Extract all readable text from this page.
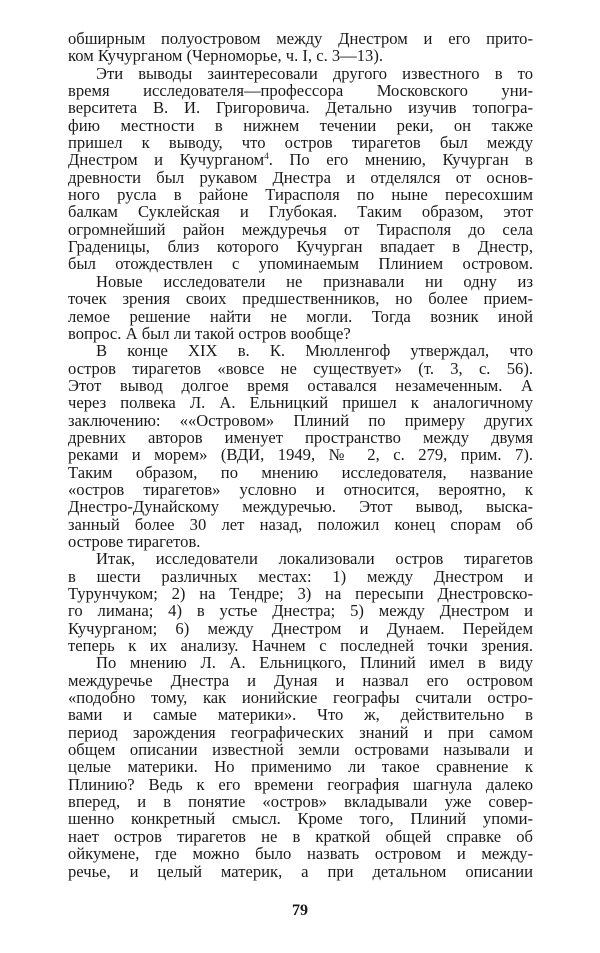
обширным полуостровом между Днестром и его прито-
ком Кучурганом (Черноморье, ч. I, с. 3—13).
Эти выводы заинтересовали другого известного в то
время исследователя—профессора Московского уни-
верситета В. И. Григоровича. Детально изучив топогра-
фию местности в нижнем течении реки, он также
пришел к выводу, что остров тирагетов был между
Днестром и Кучурганом$^4$. По его мнению, Кучурган в
древности был рукавом Днестра и отделялся от основ-
ного русла в районе Тирасполя по ныне пересохшим
балкам Суклейская и Глубокая. Таким образом, этот
огромнейший район междуречья от Тирасполя до села
Граденицы, близ которого Кучурган впадает в Днестр,
был отождествлен с упоминаемым Плинием островом.
Новые исследователи не признавали ни одну из
точек зрения своих предшественников, но более прием-
лемое решение найти не могли. Тогда возник иной
вопрос. А был ли такой остров вообще?
В конце XIX в. К. Мюлленгоф утверждал, что
остров тирагетов «вовсе не существует» (т. 3, с. 56).
Этот вывод долгое время оставался незамеченным. А
через полвека Л. А. Ельницкий пришел к аналогичному
заключению: ««Островом» Плиний по примеру других
древних авторов именует пространство между двумя
реками и морем» (ВДИ, 1949, № 2, с. 279, прим. 7).
Таким образом, по мнению исследователя, название
«остров тирагетов» условно и относится, вероятно, к
Днестро-Дунайскому междуречью. Этот вывод, выска-
занный более 30 лет назад, положил конец спорам об
острове тирагетов.
Итак, исследователи локализовали остров тирагетов
в шести различных местах: 1) между Днестром и
Турунчуком; 2) на Тендре; 3) на пересыпи Днестровско-
го лимана; 4) в устье Днестра; 5) между Днестром и
Кучурганом; 6) между Днестром и Дунаем. Перейдем
теперь к их анализу. Начнем с последней точки зрения.
По мнению Л. А. Ельницкого, Плиний имел в виду
междуречье Днестра и Дуная и назвал его островом
«подобно тому, как ионийские географы считали остро-
вами и самые материки». Что ж, действительно в
период зарождения географических знаний и при самом
общем описании известной земли островами называли и
целые материки. Но применимо ли такое сравнение к
Плинию? Ведь к его времени география шагнула далеко
вперед, и в понятие «остров» вкладывали уже совер-
шенно конкретный смысл. Кроме того, Плиний упоми-
нает остров тирагетов не в краткой общей справке об
ойкумене, где можно было назвать островом и между-
речье, и целый материк, а при детальном описании
79
